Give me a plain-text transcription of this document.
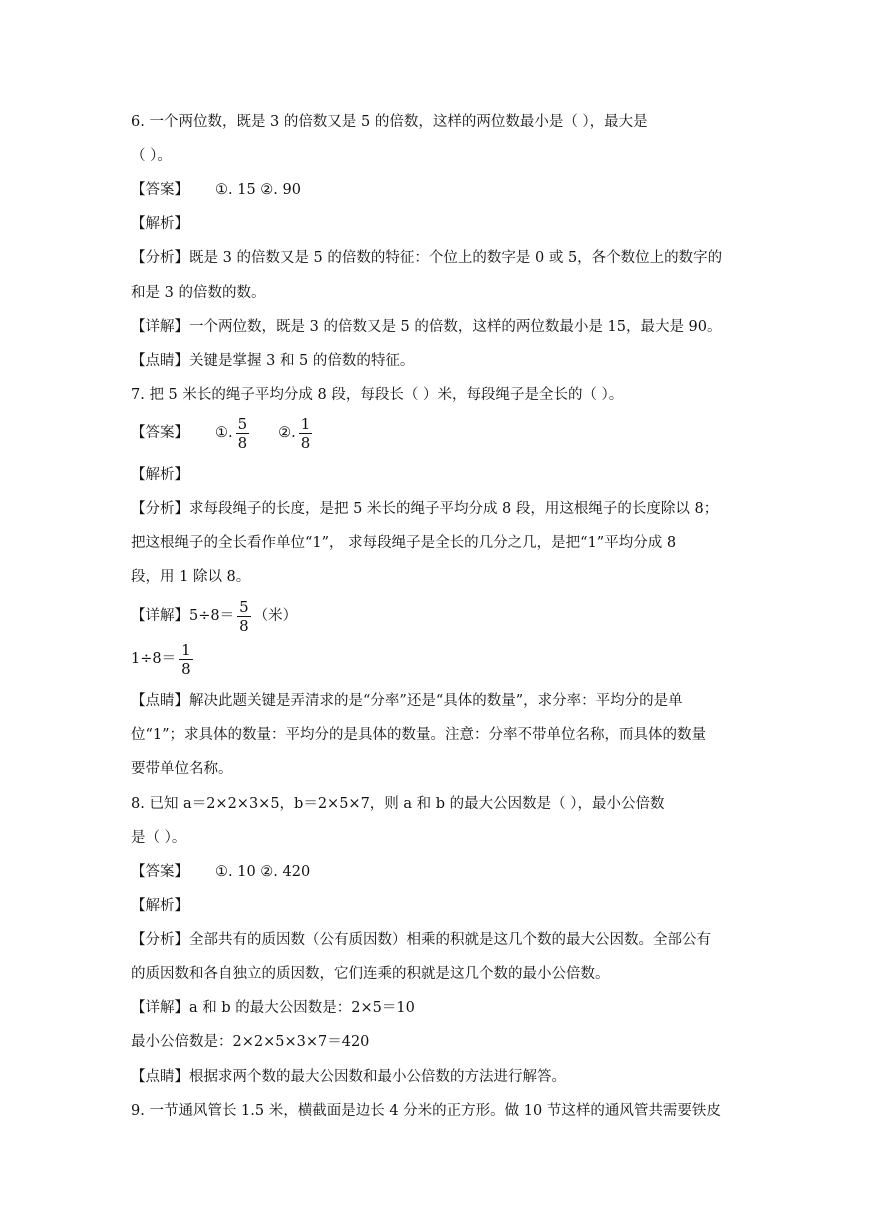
6. 一个两位数，既是 3 的倍数又是 5 的倍数，这样的两位数最小是（ ），最大是
（ ）。
【答案】 ①. 15 ②. 90
【解析】
【分析】既是 3 的倍数又是 5 的倍数的特征：个位上的数字是 0 或 5，各个数位上的数字的
和是 3 的倍数的数。
【详解】一个两位数，既是 3 的倍数又是 5 的倍数，这样的两位数最小是 15，最大是 90。
【点睛】关键是掌握 3 和 5 的倍数的特征。
7. 把 5 米长的绳子平均分成 8 段，每段长（ ）米，每段绳子是全长的（ ）。
【答案】 ①. $\frac{5}{8}$ ②. $\frac{1}{8}$
【解析】
【分析】求每段绳子的长度，是把 5 米长的绳子平均分成 8 段，用这根绳子的长度除以 8；
把这根绳子的全长看作单位“1”， 求每段绳子是全长的几分之几，是把“1”平均分成 8
段，用 1 除以 8。
【详解】$5\div 8= \frac{5}{8}$ （米）
$1\div 8= \frac{1}{8}$
【点睛】解决此题关键是弄清求的是“分率”还是“具体的数量”，求分率：平均分的是单
位“1”；求具体的数量：平均分的是具体的数量。注意：分率不带单位名称，而具体的数量
要带单位名称。
8. 已知 a＝2×2×3×5，b＝2×5×7，则 a 和 b 的最大公因数是（ ），最小公倍数
是（ ）。
【答案】 ①. 10 ②. 420
【解析】
【分析】全部共有的质因数（公有质因数）相乘的积就是这几个数的最大公因数。全部公有
的质因数和各自独立的质因数，它们连乘的积就是这几个数的最小公倍数。
【详解】a 和 b 的最大公因数是：2×5＝10
最小公倍数是：2×2×5×3×7＝420
【点睛】根据求两个数的最大公因数和最小公倍数的方法进行解答。
9. 一节通风管长 1.5 米，横截面是边长 4 分米的正方形。做 10 节这样的通风管共需要铁皮
